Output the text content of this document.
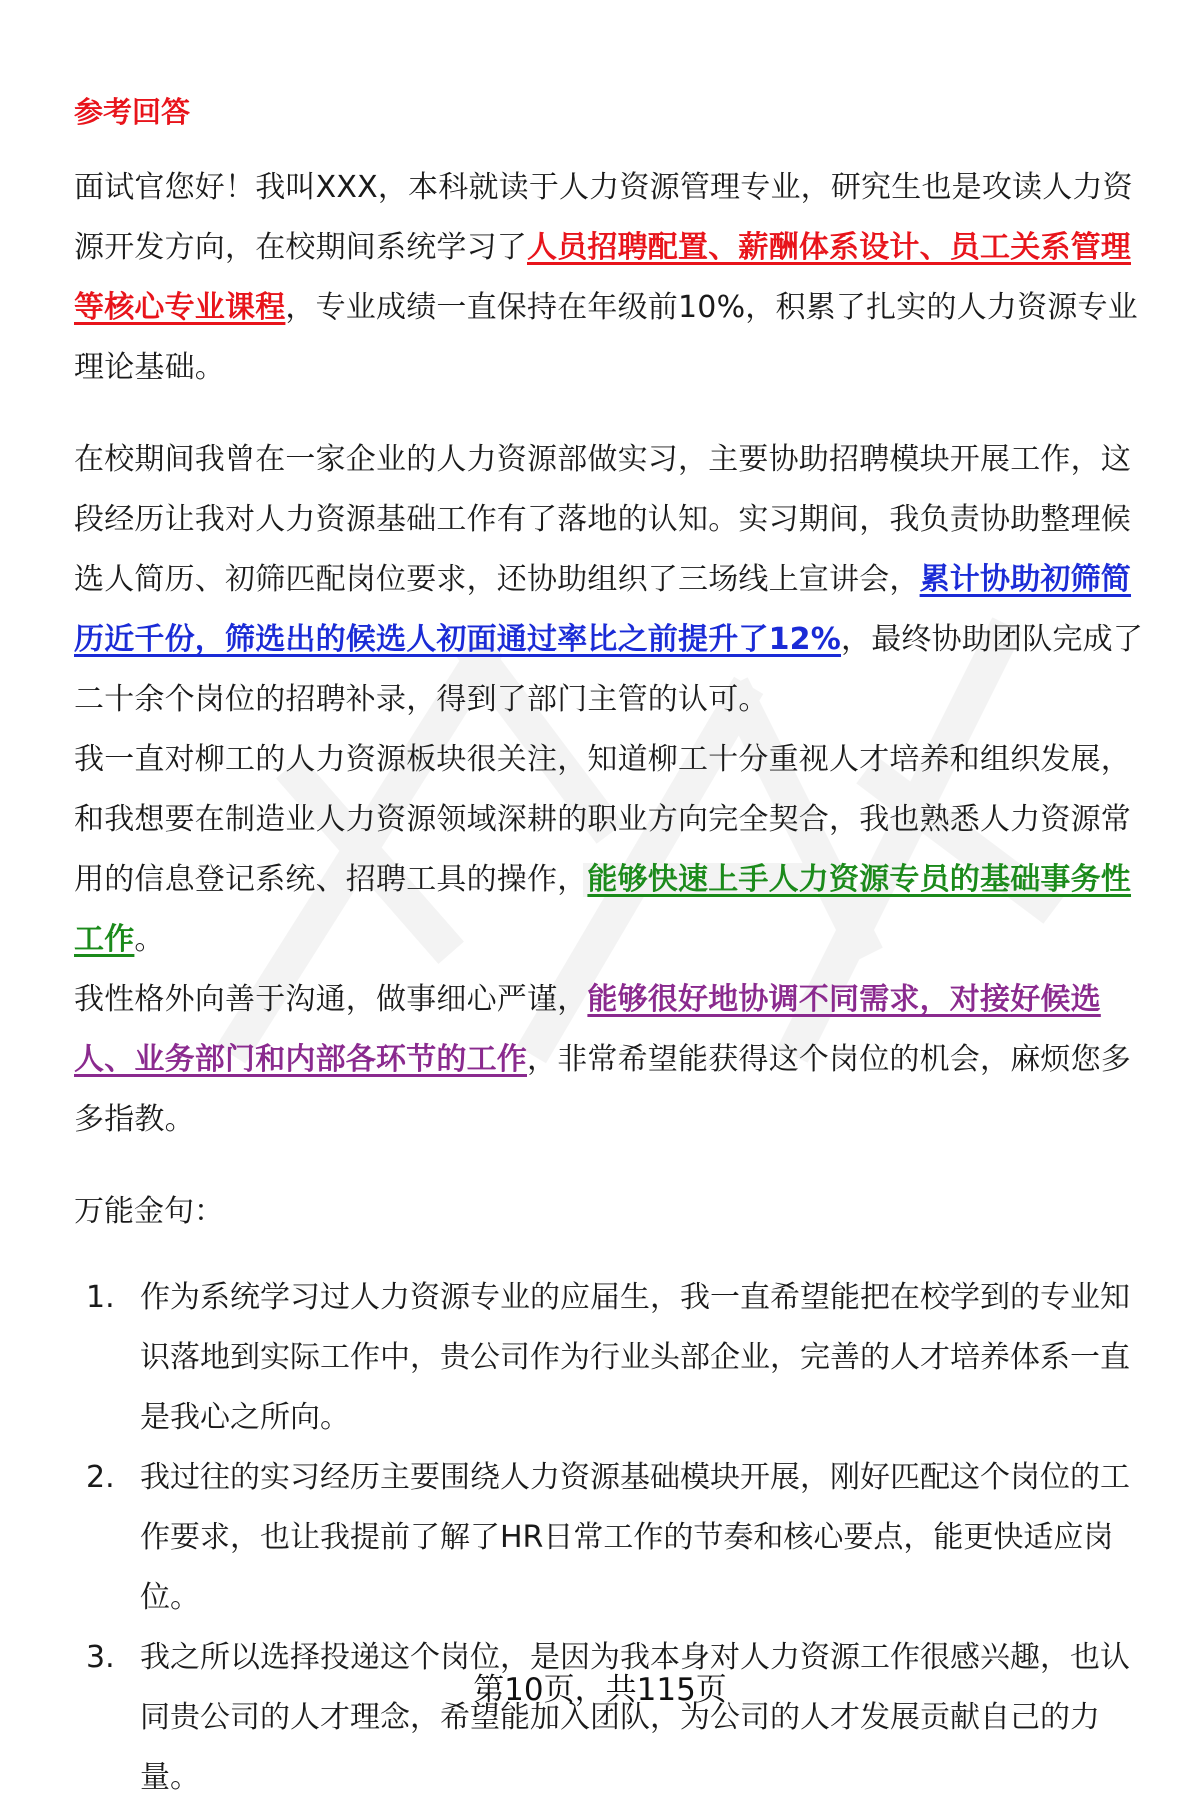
参考回答

面试官您好！我叫XXX，本科就读于人力资源管理专业，研究生也是攻读人力资源开发方向，在校期间系统学习了人员招聘配置、薪酬体系设计、员工关系管理等核心专业课程，专业成绩一直保持在年级前10%，积累了扎实的人力资源专业理论基础。

在校期间我曾在一家企业的人力资源部做实习，主要协助招聘模块开展工作，这段经历让我对人力资源基础工作有了落地的认知。实习期间，我负责协助整理候选人简历、初筛匹配岗位要求，还协助组织了三场线上宣讲会，累计协助初筛简历近千份，筛选出的候选人初面通过率比之前提升了12%，最终协助团队完成了二十余个岗位的招聘补录，得到了部门主管的认可。

我一直对柳工的人力资源板块很关注，知道柳工十分重视人才培养和组织发展，和我想要在制造业人力资源领域深耕的职业方向完全契合，我也熟悉人力资源常用的信息登记系统、招聘工具的操作，能够快速上手人力资源专员的基础事务性工作。

我性格外向善于沟通，做事细心严谨，能够很好地协调不同需求，对接好候选人、业务部门和内部各环节的工作，非常希望能获得这个岗位的机会，麻烦您多多指教。

万能金句：
1. 作为系统学习过人力资源专业的应届生，我一直希望能把在校学到的专业知识落地到实际工作中，贵公司作为行业头部企业，完善的人才培养体系一直是我心之所向。
2. 我过往的实习经历主要围绕人力资源基础模块开展，刚好匹配这个岗位的工作要求，也让我提前了解了HR日常工作的节奏和核心要点，能更快适应岗位。
3. 我之所以选择投递这个岗位，是因为我本身对人力资源工作很感兴趣，也认同贵公司的人才理念，希望能加入团队，为公司的人才发展贡献自己的力量。
第10页，共115页
